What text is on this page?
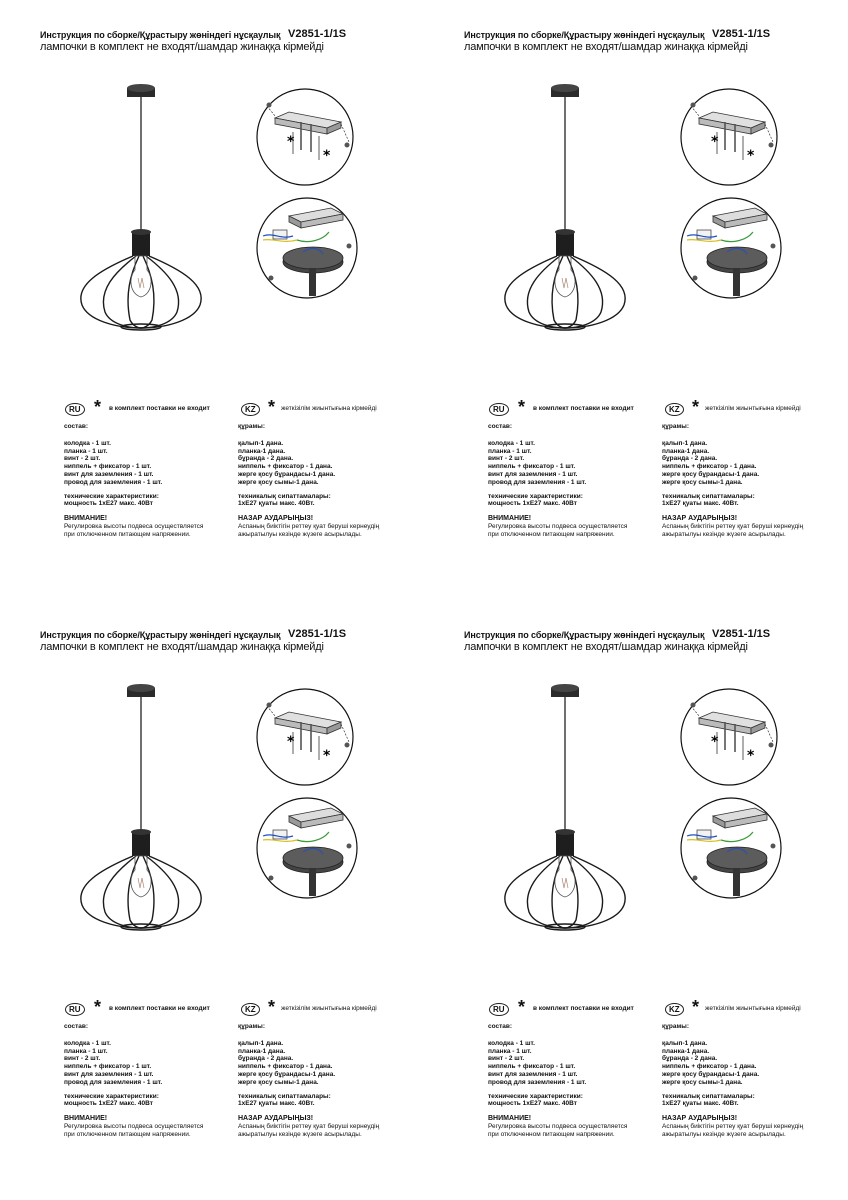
Инструкция по сборке/Құрастыру жөніндегі нұсқаулық V2851-1/1S
лампочки в комплект не входят/шамдар жинаққа кірмейді
*
*
RU * в комплект поставки не входит	KZ * жеткізілім жиынтығына кірмейді
состав:
колодка - 1 шт.
планка - 1 шт.
винт - 2 шт.
ниппель + фиксатор - 1 шт.
винт для заземления - 1 шт.
провод для заземления - 1 шт.
технические характеристики:
мощность 1хЕ27 макс. 40Вт
ВНИМАНИЕ!
Регулировка высоты подвеса осуществляется
при отключенном питающем напряжении.
құрамы:
қалып-1 дана.
планка-1 дана.
бұранда - 2 дана.
ниппель + фиксатор - 1 дана.
жерге қосу бұрандасы-1 дана.
жерге қосу сымы-1 дана.
техникалық сипаттамалары:
1хЕ27 қуаты макс. 40Вт.
НАЗАР АУДАРЫҢЫЗ!
Аспаның биіктігін реттеу қуат беруші кернеудің
ажыратылуы кезінде жүзеге асырылады.
Инструкция по сборке/Құрастыру жөніндегі нұсқаулық V2851-1/1S
лампочки в комплект не входят/шамдар жинаққа кірмейді
*
*
RU * в комплект поставки не входит	KZ * жеткізілім жиынтығына кірмейді
состав:
колодка - 1 шт.
планка - 1 шт.
винт - 2 шт.
ниппель + фиксатор - 1 шт.
винт для заземления - 1 шт.
провод для заземления - 1 шт.
технические характеристики:
мощность 1хЕ27 макс. 40Вт
ВНИМАНИЕ!
Регулировка высоты подвеса осуществляется
при отключенном питающем напряжении.
құрамы:
қалып-1 дана.
планка-1 дана.
бұранда - 2 дана.
ниппель + фиксатор - 1 дана.
жерге қосу бұрандасы-1 дана.
жерге қосу сымы-1 дана.
техникалық сипаттамалары:
1хЕ27 қуаты макс. 40Вт.
НАЗАР АУДАРЫҢЫЗ!
Аспаның биіктігін реттеу қуат беруші кернеудің
ажыратылуы кезінде жүзеге асырылады.
Инструкция по сборке/Құрастыру жөніндегі нұсқаулық V2851-1/1S
лампочки в комплект не входят/шамдар жинаққа кірмейді
*
*
RU * в комплект поставки не входит	KZ * жеткізілім жиынтығына кірмейді
состав:
колодка - 1 шт.
планка - 1 шт.
винт - 2 шт.
ниппель + фиксатор - 1 шт.
винт для заземления - 1 шт.
провод для заземления - 1 шт.
технические характеристики:
мощность 1хЕ27 макс. 40Вт
ВНИМАНИЕ!
Регулировка высоты подвеса осуществляется
при отключенном питающем напряжении.
құрамы:
қалып-1 дана.
планка-1 дана.
бұранда - 2 дана.
ниппель + фиксатор - 1 дана.
жерге қосу бұрандасы-1 дана.
жерге қосу сымы-1 дана.
техникалық сипаттамалары:
1хЕ27 қуаты макс. 40Вт.
НАЗАР АУДАРЫҢЫЗ!
Аспаның биіктігін реттеу қуат беруші кернеудің
ажыратылуы кезінде жүзеге асырылады.
Инструкция по сборке/Құрастыру жөніндегі нұсқаулық V2851-1/1S
лампочки в комплект не входят/шамдар жинаққа кірмейді
*
*
RU * в комплект поставки не входит	KZ * жеткізілім жиынтығына кірмейді
состав:
колодка - 1 шт.
планка - 1 шт.
винт - 2 шт.
ниппель + фиксатор - 1 шт.
винт для заземления - 1 шт.
провод для заземления - 1 шт.
технические характеристики:
мощность 1хЕ27 макс. 40Вт
ВНИМАНИЕ!
Регулировка высоты подвеса осуществляется
при отключенном питающем напряжении.
құрамы:
қалып-1 дана.
планка-1 дана.
бұранда - 2 дана.
ниппель + фиксатор - 1 дана.
жерге қосу бұрандасы-1 дана.
жерге қосу сымы-1 дана.
техникалық сипаттамалары:
1хЕ27 қуаты макс. 40Вт.
НАЗАР АУДАРЫҢЫЗ!
Аспаның биіктігін реттеу қуат беруші кернеудің
ажыратылуы кезінде жүзеге асырылады.
